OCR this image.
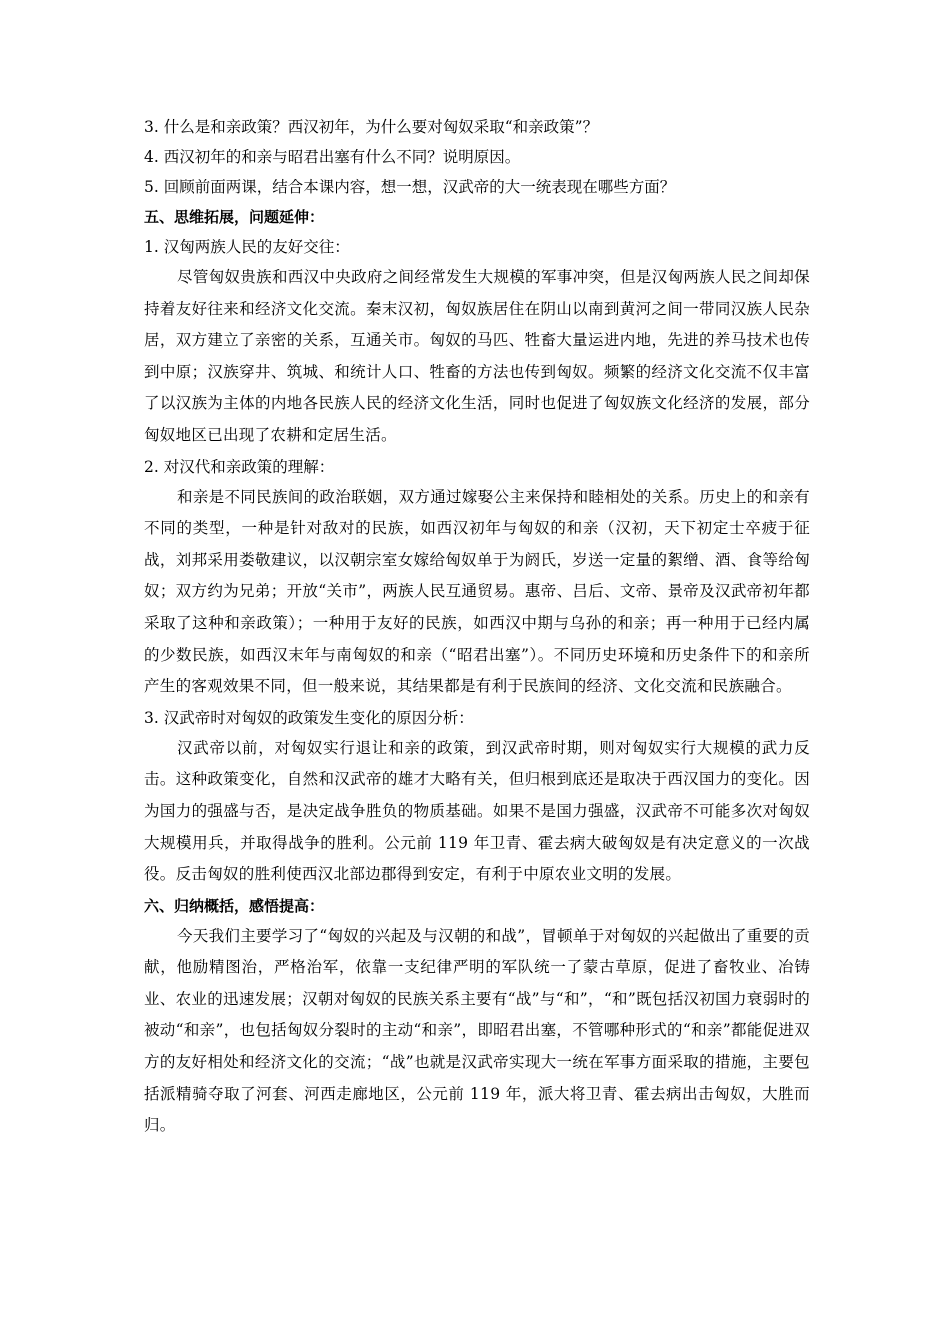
3. 什么是和亲政策？西汉初年，为什么要对匈奴采取“和亲政策”？
4. 西汉初年的和亲与昭君出塞有什么不同？说明原因。
5. 回顾前面两课，结合本课内容，想一想，汉武帝的大一统表现在哪些方面？
五、思维拓展，问题延伸：
1. 汉匈两族人民的友好交往：

尽管匈奴贵族和西汉中央政府之间经常发生大规模的军事冲突，但是汉匈两族人民之间却保持着友好往来和经济文化交流。秦末汉初，匈奴族居住在阴山以南到黄河之间一带同汉族人民杂居，双方建立了亲密的关系，互通关市。匈奴的马匹、牲畜大量运进内地，先进的养马技术也传到中原；汉族穿井、筑城、和统计人口、牲畜的方法也传到匈奴。频繁的经济文化交流不仅丰富了以汉族为主体的内地各民族人民的经济文化生活，同时也促进了匈奴族文化经济的发展，部分匈奴地区已出现了农耕和定居生活。

2. 对汉代和亲政策的理解：

和亲是不同民族间的政治联姻，双方通过嫁娶公主来保持和睦相处的关系。历史上的和亲有不同的类型，一种是针对敌对的民族，如西汉初年与匈奴的和亲（汉初，天下初定士卒疲于征战，刘邦采用娄敬建议，以汉朝宗室女嫁给匈奴单于为阏氏，岁送一定量的絮缯、酒、食等给匈奴；双方约为兄弟；开放“关市”，两族人民互通贸易。惠帝、吕后、文帝、景帝及汉武帝初年都采取了这种和亲政策）；一种用于友好的民族，如西汉中期与乌孙的和亲；再一种用于已经内属的少数民族，如西汉末年与南匈奴的和亲（“昭君出塞”）。不同历史环境和历史条件下的和亲所产生的客观效果不同，但一般来说，其结果都是有利于民族间的经济、文化交流和民族融合。

3. 汉武帝时对匈奴的政策发生变化的原因分析：

汉武帝以前，对匈奴实行退让和亲的政策，到汉武帝时期，则对匈奴实行大规模的武力反击。这种政策变化，自然和汉武帝的雄才大略有关，但归根到底还是取决于西汉国力的变化。因为国力的强盛与否，是决定战争胜负的物质基础。如果不是国力强盛，汉武帝不可能多次对匈奴大规模用兵，并取得战争的胜利。公元前 119 年卫青、霍去病大破匈奴是有决定意义的一次战役。反击匈奴的胜利使西汉北部边郡得到安定，有利于中原农业文明的发展。

六、归纳概括，感悟提高：

今天我们主要学习了“匈奴的兴起及与汉朝的和战”，冒顿单于对匈奴的兴起做出了重要的贡献，他励精图治，严格治军，依靠一支纪律严明的军队统一了蒙古草原，促进了畜牧业、冶铸业、农业的迅速发展；汉朝对匈奴的民族关系主要有“战”与“和”，“和”既包括汉初国力衰弱时的被动“和亲”，也包括匈奴分裂时的主动“和亲”，即昭君出塞，不管哪种形式的“和亲”都能促进双方的友好相处和经济文化的交流；“战”也就是汉武帝实现大一统在军事方面采取的措施，主要包括派精骑夺取了河套、河西走廊地区，公元前 119 年，派大将卫青、霍去病出击匈奴，大胜而归。
